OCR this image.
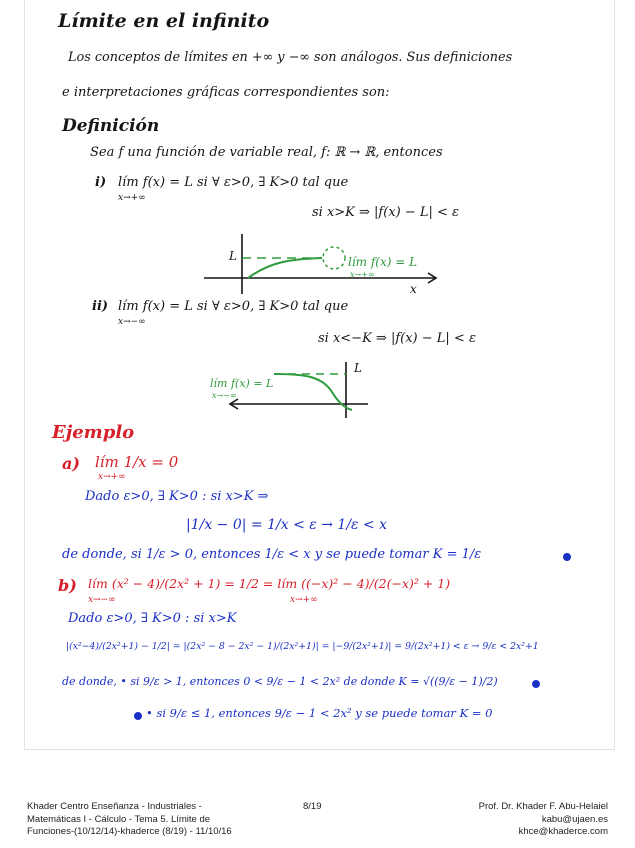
Límite en el infinito
Los conceptos de límites en +∞ y −∞ son análogos. Sus definiciones
e interpretaciones gráficas correspondientes son:
Definición
Sea f una función de variable real, f: ℝ → ℝ, entonces
i) lím f(x) = L si ∀ ε>0, ∃ K>0 tal que
x→+∞
si x>K ⇒ |f(x) − L| < ε
L
x
lím f(x) = L
x→+∞
ii) lím f(x) = L si ∀ ε>0, ∃ K>0 tal que
x→−∞
si x<−K ⇒ |f(x) − L| < ε
L
lím f(x) = L
x→−∞
Ejemplo
a) lím 1/x = 0
x→+∞
Dado ε>0, ∃ K>0 : si x>K ⇒
|1/x − 0| = 1/x < ε → 1/ε < x
de donde, si 1/ε > 0, entonces 1/ε < x y se puede tomar K = 1/ε
b) lím (x² − 4)/(2x² + 1) = 1/2 = lím ((−x)² − 4)/(2(−x)² + 1)
x→−∞	x→+∞
Dado ε>0, ∃ K>0 : si x>K
|(x²−4)/(2x²+1) − 1/2| = |(2x² − 8 − 2x² − 1)/(2x²+1)| = |−9/(2x²+1)| = 9/(2x²+1) < ε → 9/ε < 2x²+1
de donde, • si 9/ε > 1, entonces 0 < 9/ε − 1 < 2x² de donde K = √((9/ε − 1)/2)
• si 9/ε ≤ 1, entonces 9/ε − 1 < 2x² y se puede tomar K = 0
Khader Centro Enseñanza - Industriales -
Matemáticas I - Cálculo - Tema 5. Límite de
Funciones-(10/12/14)-khaderce (8/19) - 11/10/16
8/19	Prof. Dr. Khader F. Abu-Helaiel
kabu@ujaen.es
khce@khaderce.com
